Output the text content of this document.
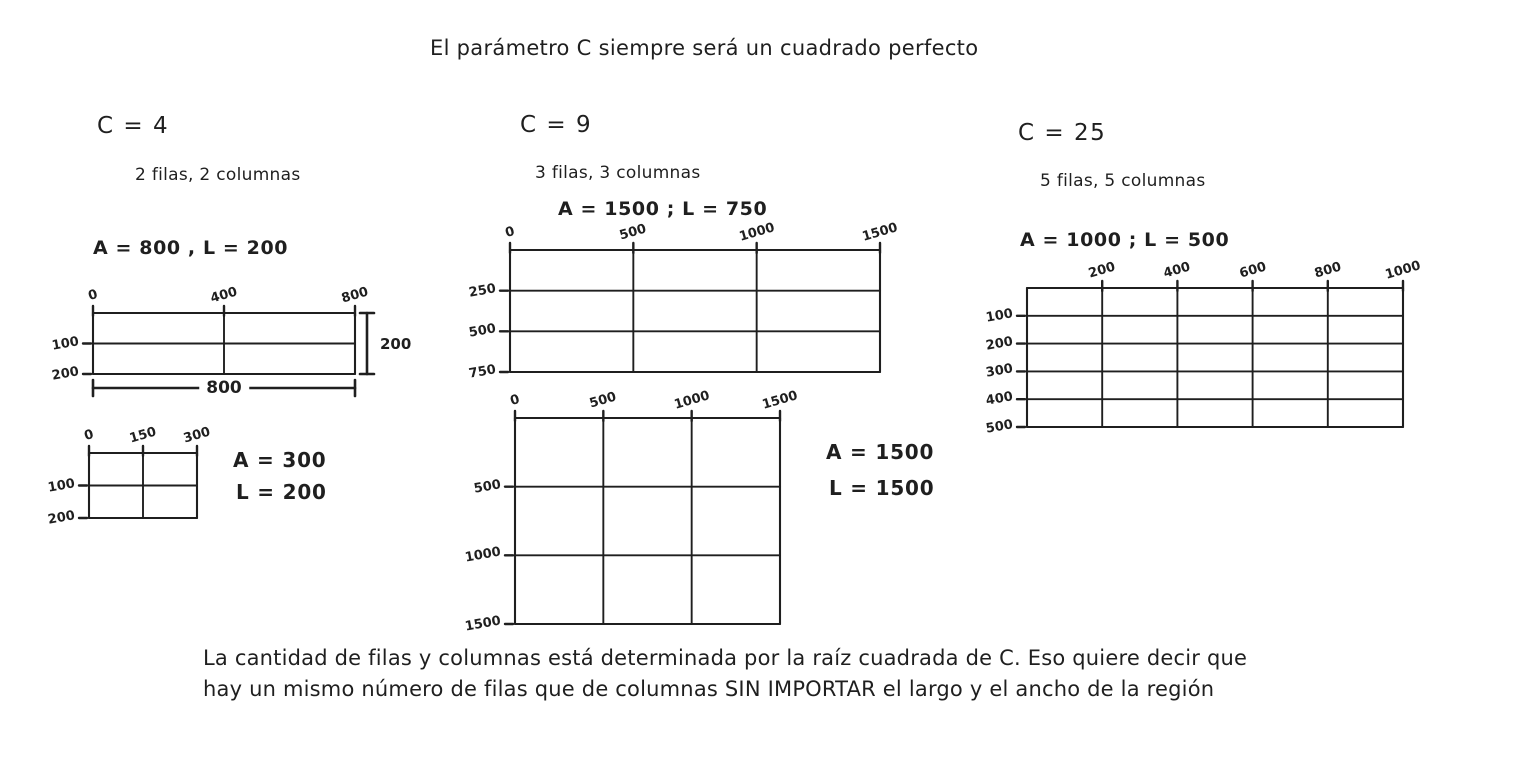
El parámetro C siempre será un cuadrado perfecto
C = 4
2 filas, 2 columnas
A = 800 , L = 200
800
200
0	400	800
100
200
0 150 300
100
200
A = 300
L = 200
C = 9
3 filas, 3 columnas
A = 1500 ; L = 750
0	500	1000	1500
250
500
750
0	500	1000	1500
500
1000
1500
A = 1500
L = 1500
C = 25
5 filas, 5 columnas
A = 1000 ; L = 500
200	400	600	800	1000
100
200
300
400
500
La cantidad de filas y columnas está determinada por la raíz cuadrada de C. Eso quiere decir que
hay un mismo número de filas que de columnas SIN IMPORTAR el largo y el ancho de la región
